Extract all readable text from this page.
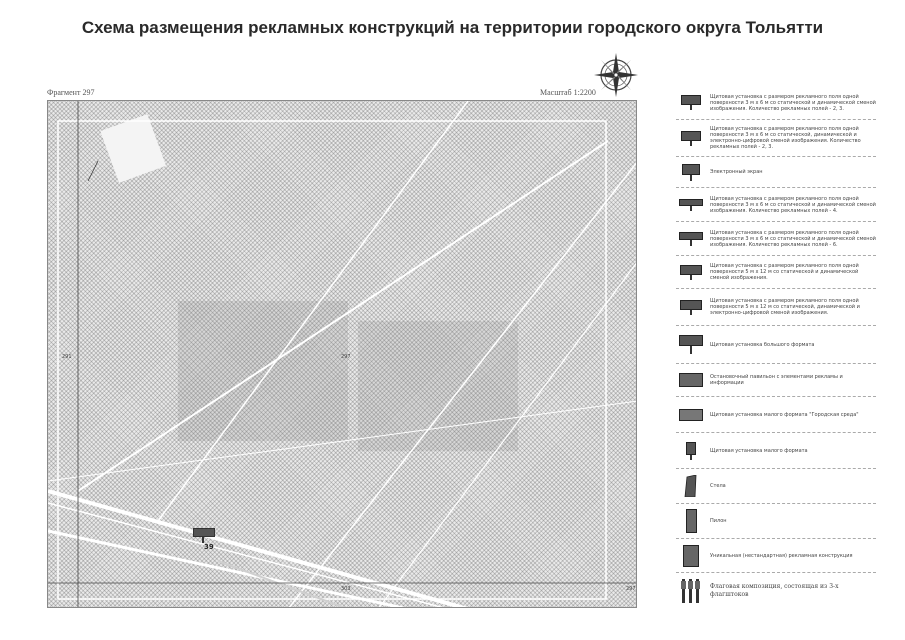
Схема размещения рекламных конструкций на территории городского округа Тольятти
Фрагмент 297	Масштаб 1:2200
291	297
303	297
39
Щитовая установка с размером рекламного поля одной поверхности 3 м х 6 м со статической и динамической сменой изображения. Количество рекламных полей - 2, 3.
Щитовая установка с размером рекламного поля одной поверхности 3 м х 6 м со статической, динамической и электронно-цифровой сменой изображения. Количество рекламных полей - 2, 3.
Электронный экран
Щитовая установка с размером рекламного поля одной поверхности 3 м х 6 м со статической и динамической сменой изображения. Количество рекламных полей - 4.
Щитовая установка с размером рекламного поля одной поверхности 3 м х 6 м со статической и динамической сменой изображения. Количество рекламных полей - 6.
Щитовая установка с размером рекламного поля одной поверхности 5 м х 12 м со статической и динамической сменой изображения.
Щитовая установка с размером рекламного поля одной поверхности 5 м х 12 м со статической, динамической и электронно-цифровой сменой изображения.
Щитовая установка большого формата
Остановочный павильон с элементами рекламы и информации
Щитовая установка малого формата "Городская среда"
Щитовая установка малого формата
Стела
Пилон
Уникальная (нестандартная) рекламная конструкция
Флаговая композиция, состоящая из 3-х флагштоков
